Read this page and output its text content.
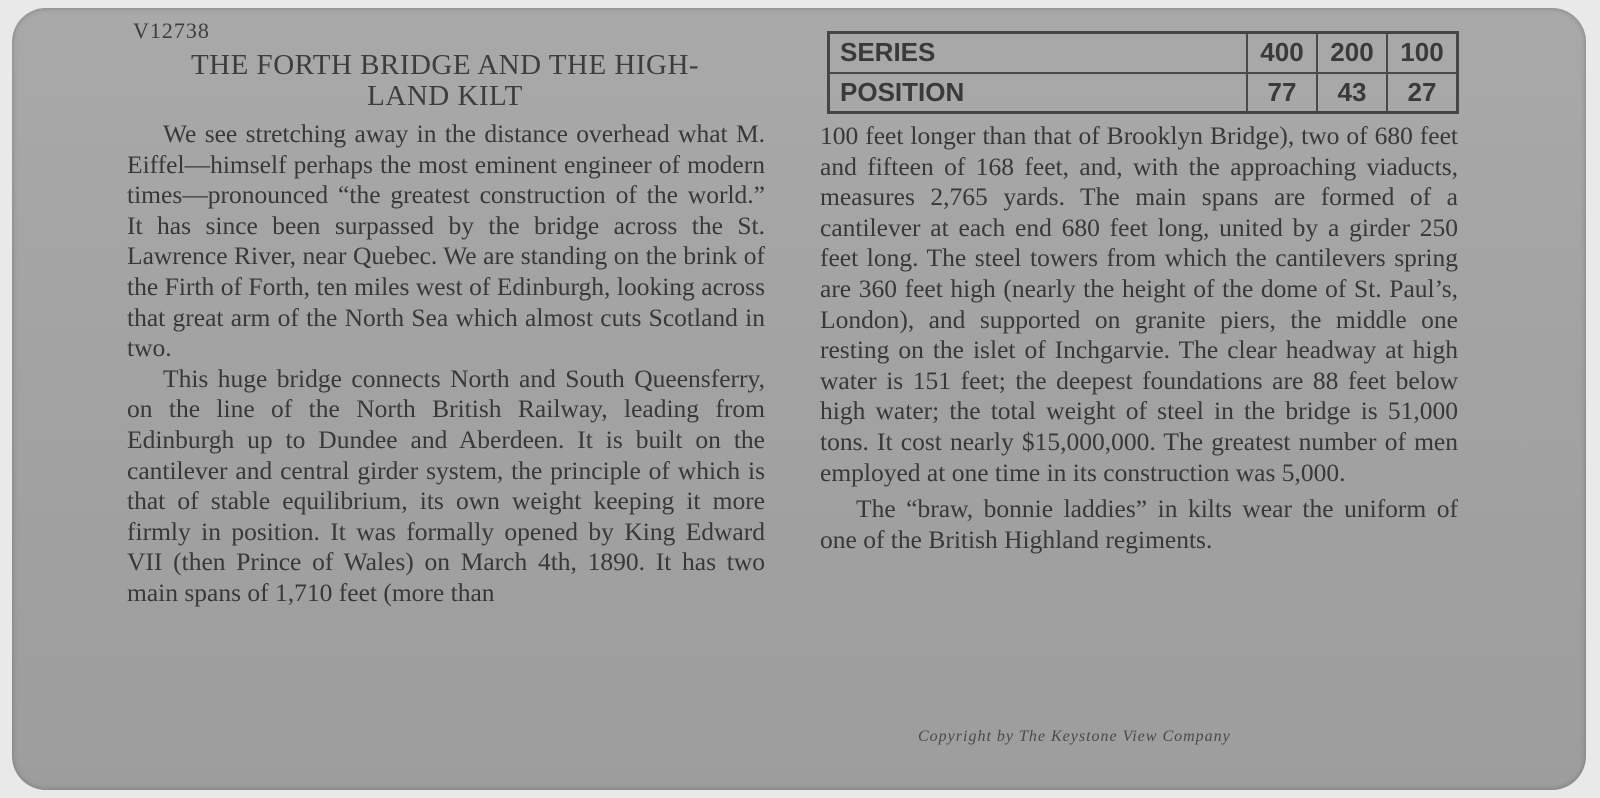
V12738
THE FORTH BRIDGE AND THE HIGH-
LAND KILT
SERIES	400	200	100
POSITION	77	43	27

We see stretching away in the distance overhead what M. Eiffel—himself perhaps the most eminent engineer of modern times—pronounced “the greatest construction of the world.” It has since been surpassed by the bridge across the St. Lawrence River, near Quebec. We are standing on the brink of the Firth of Forth, ten miles west of Edinburgh, looking across that great arm of the North Sea which almost cuts Scotland in two.

This huge bridge connects North and South Queensferry, on the line of the North British Railway, leading from Edinburgh up to Dundee and Aberdeen. It is built on the cantilever and central girder system, the principle of which is that of stable equilibrium, its own weight keeping it more firmly in position. It was formally opened by King Edward VII (then Prince of Wales) on March 4th, 1890. It has two main spans of 1,710 feet (more than

100 feet longer than that of Brooklyn Bridge), two of 680 feet and fifteen of 168 feet, and, with the approaching viaducts, measures 2,765 yards. The main spans are formed of a cantilever at each end 680 feet long, united by a girder 250 feet long. The steel towers from which the cantilevers spring are 360 feet high (nearly the height of the dome of St. Paul’s, London), and supported on granite piers, the middle one resting on the islet of Inchgarvie. The clear headway at high water is 151 feet; the deepest foundations are 88 feet below high water; the total weight of steel in the bridge is 51,000 tons. It cost nearly $15,000,000. The greatest number of men employed at one time in its construction was 5,000.

The “braw, bonnie laddies” in kilts wear the uniform of one of the British Highland regiments.

Copyright by The Keystone View Company
